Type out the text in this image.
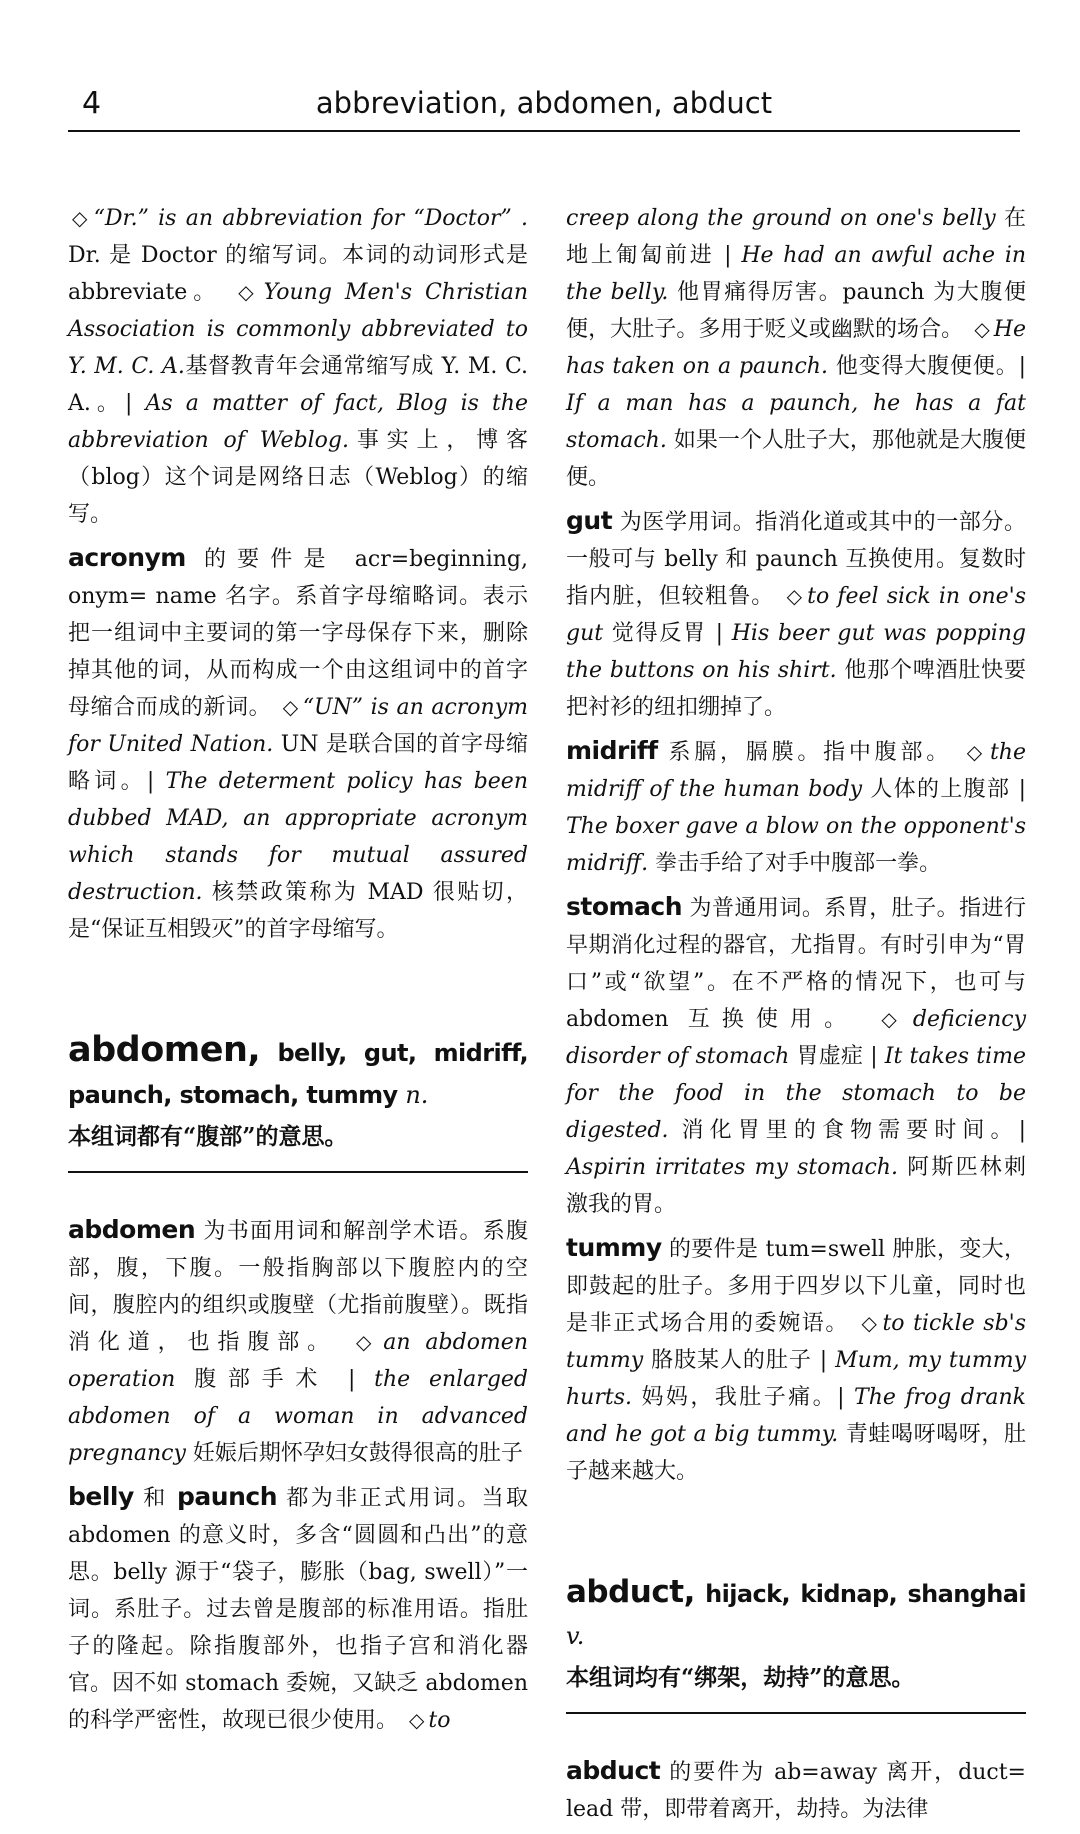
4	abbreviation, abdomen, abduct

◇ “Dr.” is an abbreviation for “Doctor” . Dr. 是 Doctor 的缩写词。本词的动词形式是 abbreviate。 ◇ Young Men's Christian Association is commonly abbreviated to Y. M. C. A.基督教青年会通常缩写成 Y. M. C. A.。| As a matter of fact, Blog is the abbreviation of Weblog.事实上，博客（blog）这个词是网络日志（Weblog）的缩写。

acronym 的要件是 acr=beginning, onym= name 名字。系首字母缩略词。表示把一组词中主要词的第一字母保存下来，删除掉其他的词，从而构成一个由这组词中的首字母缩合而成的新词。 ◇ “UN” is an acronym for United Nation. UN 是联合国的首字母缩略词。| The determent policy has been dubbed MAD, an appropriate acronym which stands for mutual assured destruction. 核禁政策称为 MAD 很贴切，是“保证互相毁灭”的首字母缩写。

abdomen, belly, gut, midriff, paunch, stomach, tummy n.
本组词都有“腹部”的意思。

abdomen 为书面用词和解剖学术语。系腹部，腹，下腹。一般指胸部以下腹腔内的空间，腹腔内的组织或腹壁（尤指前腹壁）。既指消化道，也指腹部。 ◇ an abdomen operation 腹部手术 | the enlarged abdomen of a woman in advanced pregnancy 妊娠后期怀孕妇女鼓得很高的肚子

belly 和 paunch 都为非正式用词。当取 abdomen 的意义时，多含“圆圆和凸出”的意思。belly 源于“袋子，膨胀（bag, swell）”一词。系肚子。过去曾是腹部的标准用语。指肚子的隆起。除指腹部外，也指子宫和消化器官。因不如 stomach 委婉，又缺乏 abdomen 的科学严密性，故现已很少使用。 ◇ to

creep along the ground on one's belly 在地上匍匐前进 | He had an awful ache in the belly. 他胃痛得厉害。paunch 为大腹便便，大肚子。多用于贬义或幽默的场合。 ◇ He has taken on a paunch. 他变得大腹便便。| If a man has a paunch, he has a fat stomach. 如果一个人肚子大，那他就是大腹便便。

gut 为医学用词。指消化道或其中的一部分。一般可与 belly 和 paunch 互换使用。复数时指内脏，但较粗鲁。 ◇ to feel sick in one's gut 觉得反胃 | His beer gut was popping the buttons on his shirt. 他那个啤酒肚快要把衬衫的纽扣绷掉了。

midriff 系膈，膈膜。指中腹部。 ◇ the midriff of the human body 人体的上腹部 | The boxer gave a blow on the opponent's midriff. 拳击手给了对手中腹部一拳。

stomach 为普通用词。系胃，肚子。指进行早期消化过程的器官，尤指胃。有时引申为“胃口”或“欲望”。在不严格的情况下，也可与 abdomen 互换使用。 ◇ deficiency disorder of stomach 胃虚症 | It takes time for the food in the stomach to be digested. 消化胃里的食物需要时间。| Aspirin irritates my stomach. 阿斯匹林刺激我的胃。

tummy 的要件是 tum=swell 肿胀，变大，即鼓起的肚子。多用于四岁以下儿童，同时也是非正式场合用的委婉语。 ◇ to tickle sb's tummy 胳肢某人的肚子 | Mum, my tummy hurts. 妈妈，我肚子痛。| The frog drank and he got a big tummy. 青蛙喝呀喝呀，肚子越来越大。

abduct, hijack, kidnap, shanghai v.
本组词均有“绑架，劫持”的意思。

abduct 的要件为 ab=away 离开，duct= lead 带，即带着离开，劫持。为法律
